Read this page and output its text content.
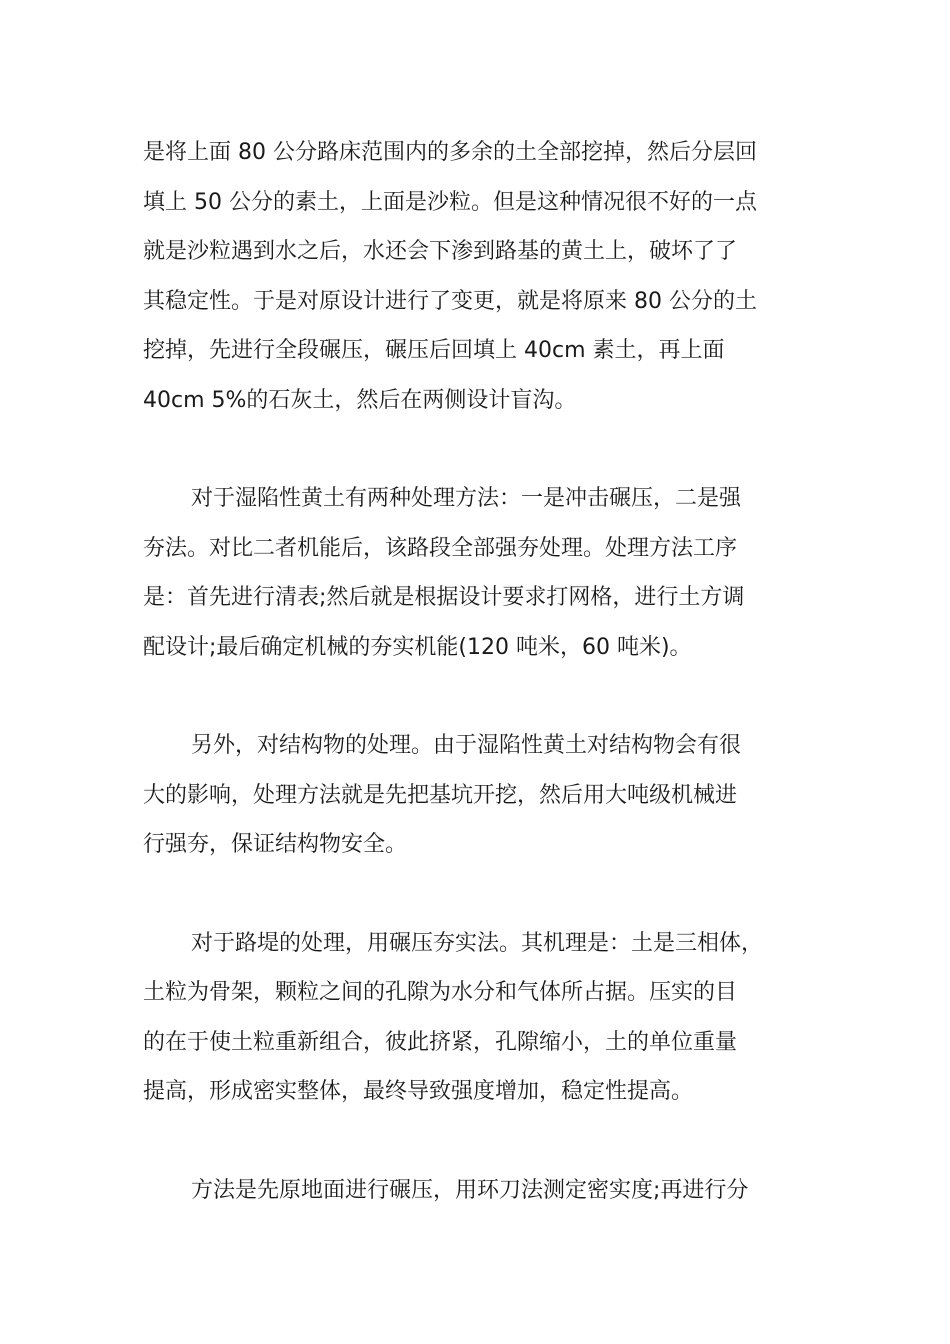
是将上面 80 公分路床范围内的多余的土全部挖掉，然后分层回
填上 50 公分的素土，上面是沙粒。但是这种情况很不好的一点
就是沙粒遇到水之后，水还会下渗到路基的黄土上，破坏了了
其稳定性。于是对原设计进行了变更，就是将原来 80 公分的土
挖掉，先进行全段碾压，碾压后回填上 40cm 素土，再上面
40cm 5%的石灰土，然后在两侧设计盲沟。

对于湿陷性黄土有两种处理方法：一是冲击碾压，二是强
夯法。对比二者机能后，该路段全部强夯处理。处理方法工序
是：首先进行清表;然后就是根据设计要求打网格，进行土方调
配设计;最后确定机械的夯实机能(120 吨米，60 吨米)。

另外，对结构物的处理。由于湿陷性黄土对结构物会有很
大的影响，处理方法就是先把基坑开挖，然后用大吨级机械进
行强夯，保证结构物安全。

对于路堤的处理，用碾压夯实法。其机理是：土是三相体，
土粒为骨架，颗粒之间的孔隙为水分和气体所占据。压实的目
的在于使土粒重新组合，彼此挤紧，孔隙缩小，土的单位重量
提高，形成密实整体，最终导致强度增加，稳定性提高。

方法是先原地面进行碾压，用环刀法测定密实度;再进行分
